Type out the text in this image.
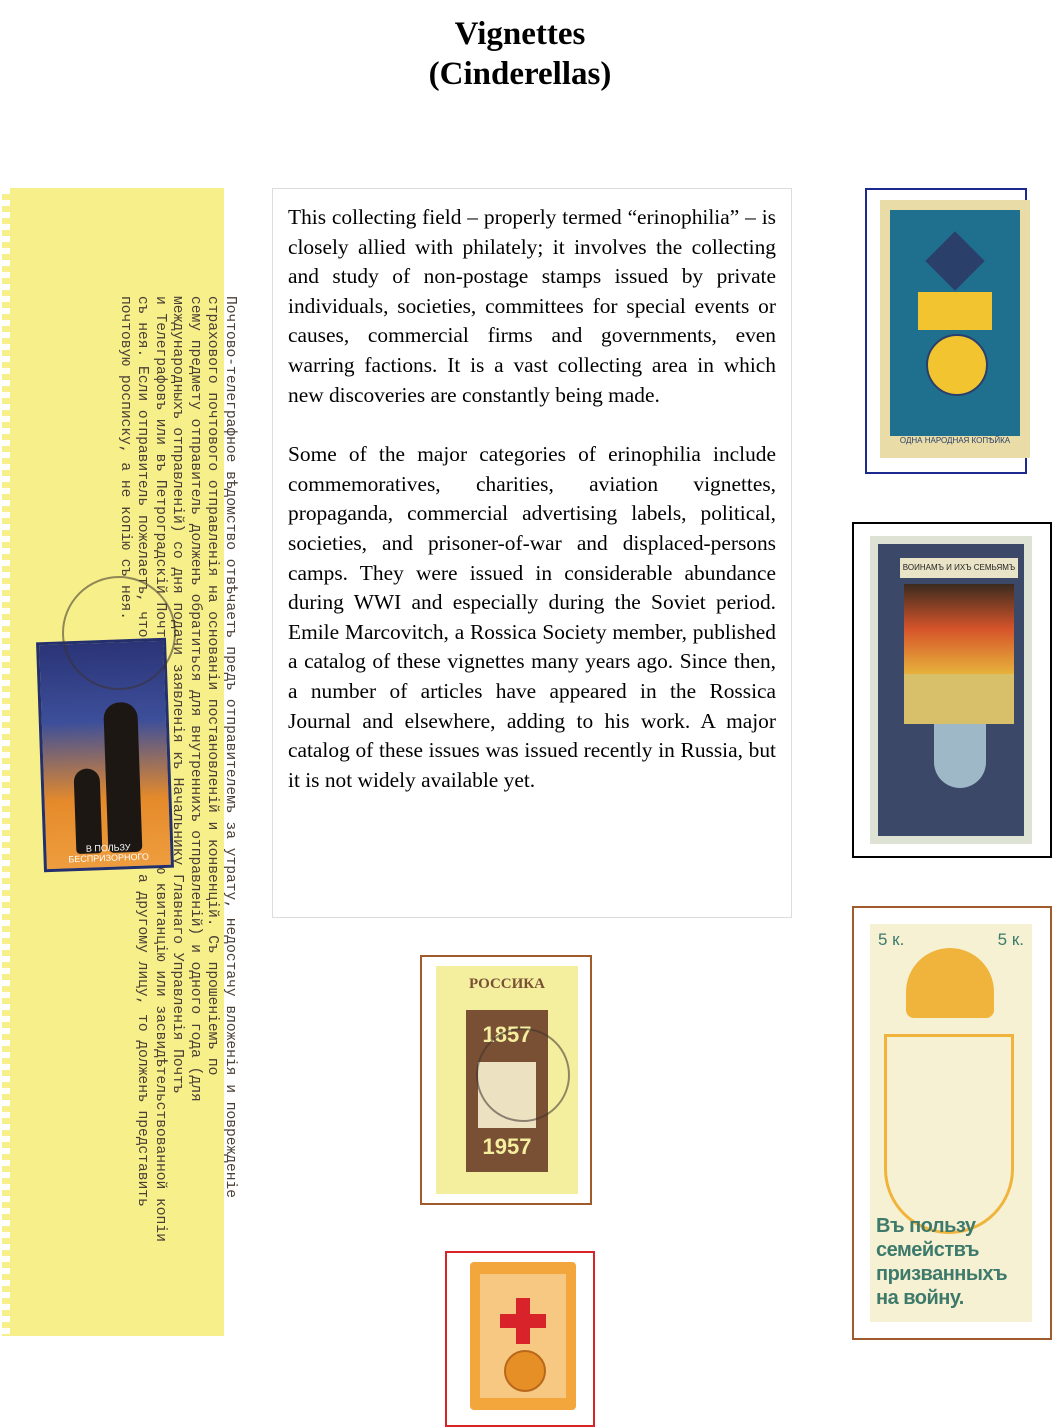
Vignettes
(Cinderellas)
Почтово-телеграфное вѣдомство отвѣчаетъ предъ отправителемъ за утрату, недостачу вложенія и поврежденіе
страхового почтового отправленія на основаніи постановленій и конвенцій. Съ прошеніемъ по
сему предмету отправитель долженъ обратиться для внутреннихъ отправленій) и одного года (для
международныхъ отправленій) со дня подачи заявленія къ Начальнику Главнаго Управленія Почтъ
почтовую росписку, а не копію съ нея.
В ПОЛЬЗУ БЕСПРИЗОРНОГО

This collecting field – properly termed “erinophilia” – is closely allied with philately; it involves the collecting and study of non-postage stamps issued by private individuals, societies, committees for special events or causes, commercial firms and governments, even warring factions. It is a vast collecting area in which new discoveries are constantly being made.

Some of the major categories of erinophilia include commemoratives, charities, aviation vignettes, propaganda, commercial advertising labels, political, societies, and prisoner-of-war and displaced-persons camps. They were issued in considerable abundance during WWI and especially during the Soviet period. Emile Marcovitch, a Rossica Society member, published a catalog of these vignettes many years ago. Since then, a number of articles have appeared in the Rossica Journal and elsewhere, adding to his work. A major catalog of these issues was issued recently in Russia, but it is not widely available yet.

ОДНА НАРОДНАЯ КОПѢЙКА
ВОИНАМЪ И ИХЪ СЕМЬЯМЪ
5 к.	5 к.
Въ пользу семействъ призванныхъ на войну.
РОССИКА
1857
1957
